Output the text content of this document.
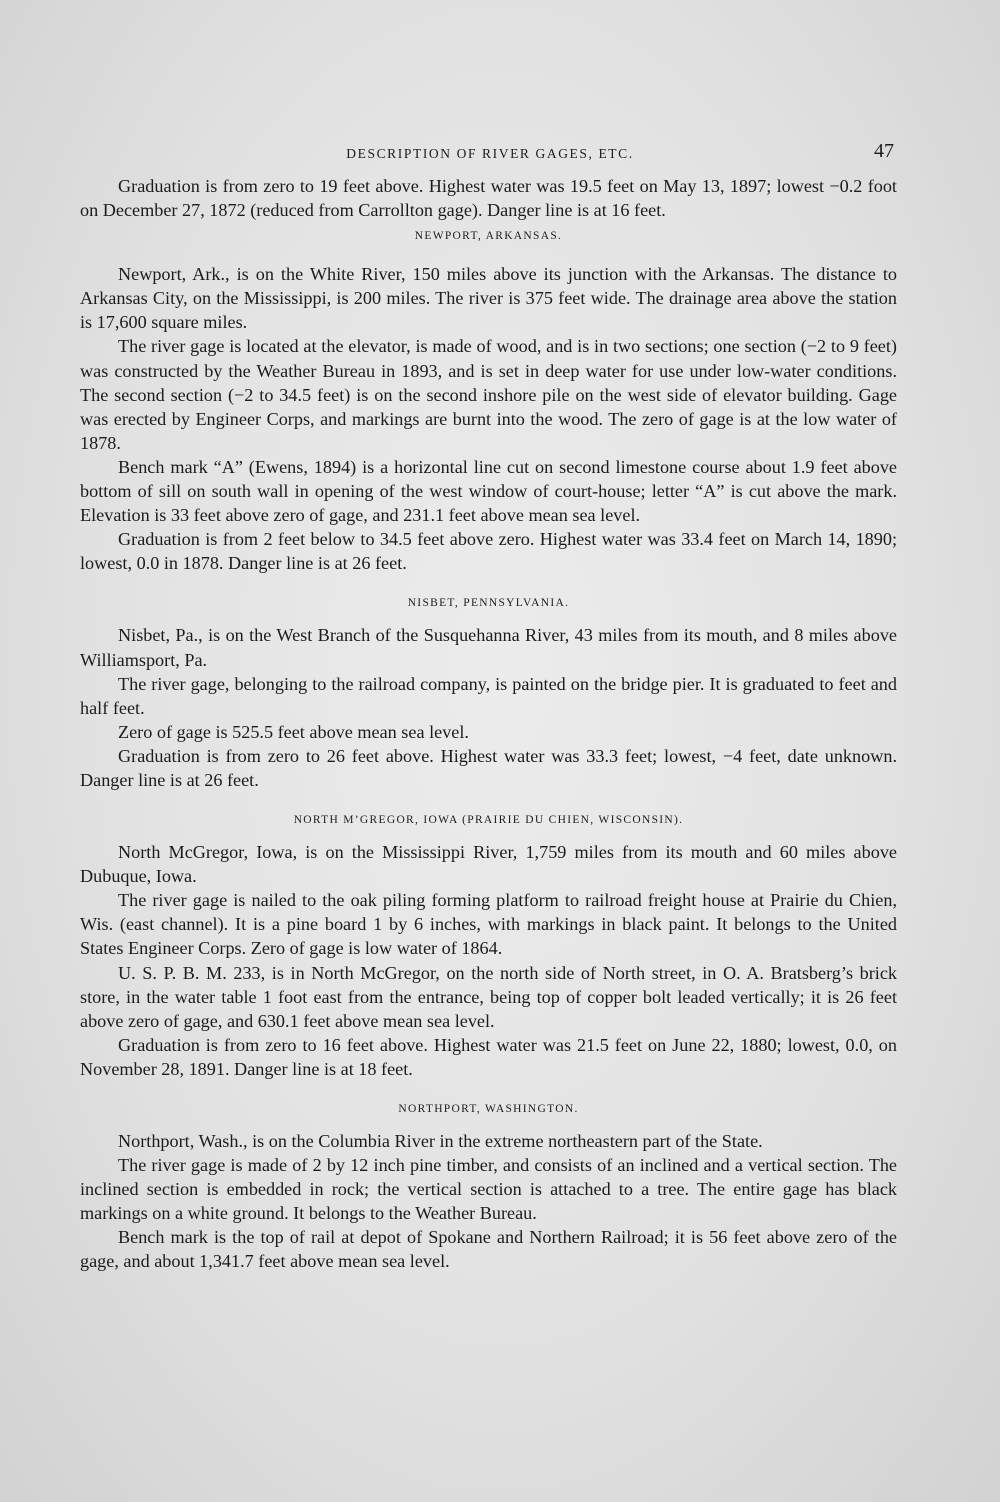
DESCRIPTION OF RIVER GAGES, ETC.	47

Graduation is from zero to 19 feet above. Highest water was 19.5 feet on May 13, 1897; lowest −0.2 foot on December 27, 1872 (reduced from Carrollton gage). Danger line is at 16 feet.

NEWPORT, ARKANSAS.

Newport, Ark., is on the White River, 150 miles above its junction with the Arkansas. The distance to Arkansas City, on the Mississippi, is 200 miles. The river is 375 feet wide. The drainage area above the station is 17,600 square miles.

The river gage is located at the elevator, is made of wood, and is in two sections; one section (−2 to 9 feet) was constructed by the Weather Bureau in 1893, and is set in deep water for use under low-water conditions. The second section (−2 to 34.5 feet) is on the second inshore pile on the west side of elevator building. Gage was erected by Engineer Corps, and markings are burnt into the wood. The zero of gage is at the low water of 1878.

Bench mark “A” (Ewens, 1894) is a horizontal line cut on second limestone course about 1.9 feet above bottom of sill on south wall in opening of the west window of court-house; letter “A” is cut above the mark. Elevation is 33 feet above zero of gage, and 231.1 feet above mean sea level.

Graduation is from 2 feet below to 34.5 feet above zero. Highest water was 33.4 feet on March 14, 1890; lowest, 0.0 in 1878. Danger line is at 26 feet.

NISBET, PENNSYLVANIA.

Nisbet, Pa., is on the West Branch of the Susquehanna River, 43 miles from its mouth, and 8 miles above Williamsport, Pa.

The river gage, belonging to the railroad company, is painted on the bridge pier. It is graduated to feet and half feet.

Zero of gage is 525.5 feet above mean sea level.

Graduation is from zero to 26 feet above. Highest water was 33.3 feet; lowest, −4 feet, date unknown. Danger line is at 26 feet.

NORTH M’GREGOR, IOWA (PRAIRIE DU CHIEN, WISCONSIN).

North McGregor, Iowa, is on the Mississippi River, 1,759 miles from its mouth and 60 miles above Dubuque, Iowa.

The river gage is nailed to the oak piling forming platform to railroad freight house at Prairie du Chien, Wis. (east channel). It is a pine board 1 by 6 inches, with markings in black paint. It belongs to the United States Engineer Corps. Zero of gage is low water of 1864.

U. S. P. B. M. 233, is in North McGregor, on the north side of North street, in O. A. Bratsberg’s brick store, in the water table 1 foot east from the entrance, being top of copper bolt leaded vertically; it is 26 feet above zero of gage, and 630.1 feet above mean sea level.

Graduation is from zero to 16 feet above. Highest water was 21.5 feet on June 22, 1880; lowest, 0.0, on November 28, 1891. Danger line is at 18 feet.

NORTHPORT, WASHINGTON.

Northport, Wash., is on the Columbia River in the extreme northeastern part of the State.

The river gage is made of 2 by 12 inch pine timber, and consists of an inclined and a vertical section. The inclined section is embedded in rock; the vertical section is attached to a tree. The entire gage has black markings on a white ground. It belongs to the Weather Bureau.

Bench mark is the top of rail at depot of Spokane and Northern Railroad; it is 56 feet above zero of the gage, and about 1,341.7 feet above mean sea level.
